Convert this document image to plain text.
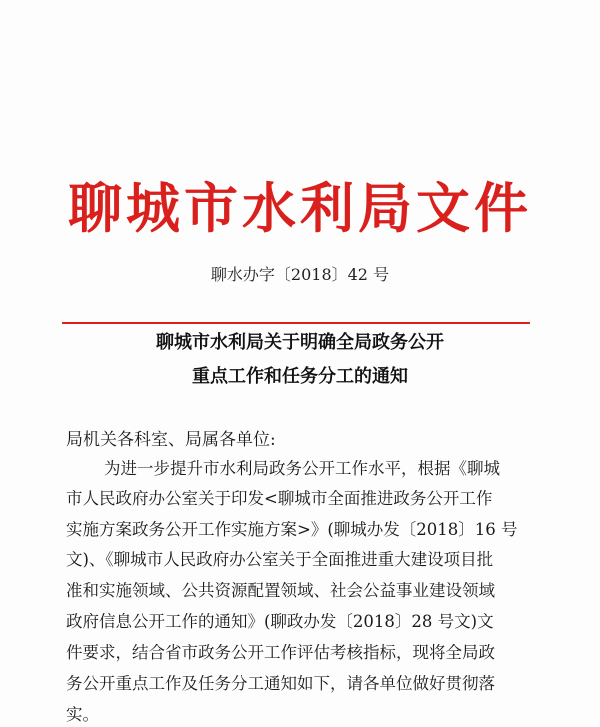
聊城市水利局文件
聊水办字〔2018〕42 号
聊城市水利局关于明确全局政务公开
重点工作和任务分工的通知
局机关各科室、局属各单位:
为进一步提升市水利局政务公开工作水平，根据《聊城
市人民政府办公室关于印发<聊城市全面推进政务公开工作
实施方案政务公开工作实施方案>》(聊城办发〔2018〕16 号
文)、《聊城市人民政府办公室关于全面推进重大建设项目批
准和实施领域、公共资源配置领域、社会公益事业建设领域
政府信息公开工作的通知》(聊政办发〔2018〕28 号文)文
件要求，结合省市政务公开工作评估考核指标，现将全局政
务公开重点工作及任务分工通知如下，请各单位做好贯彻落
实。
